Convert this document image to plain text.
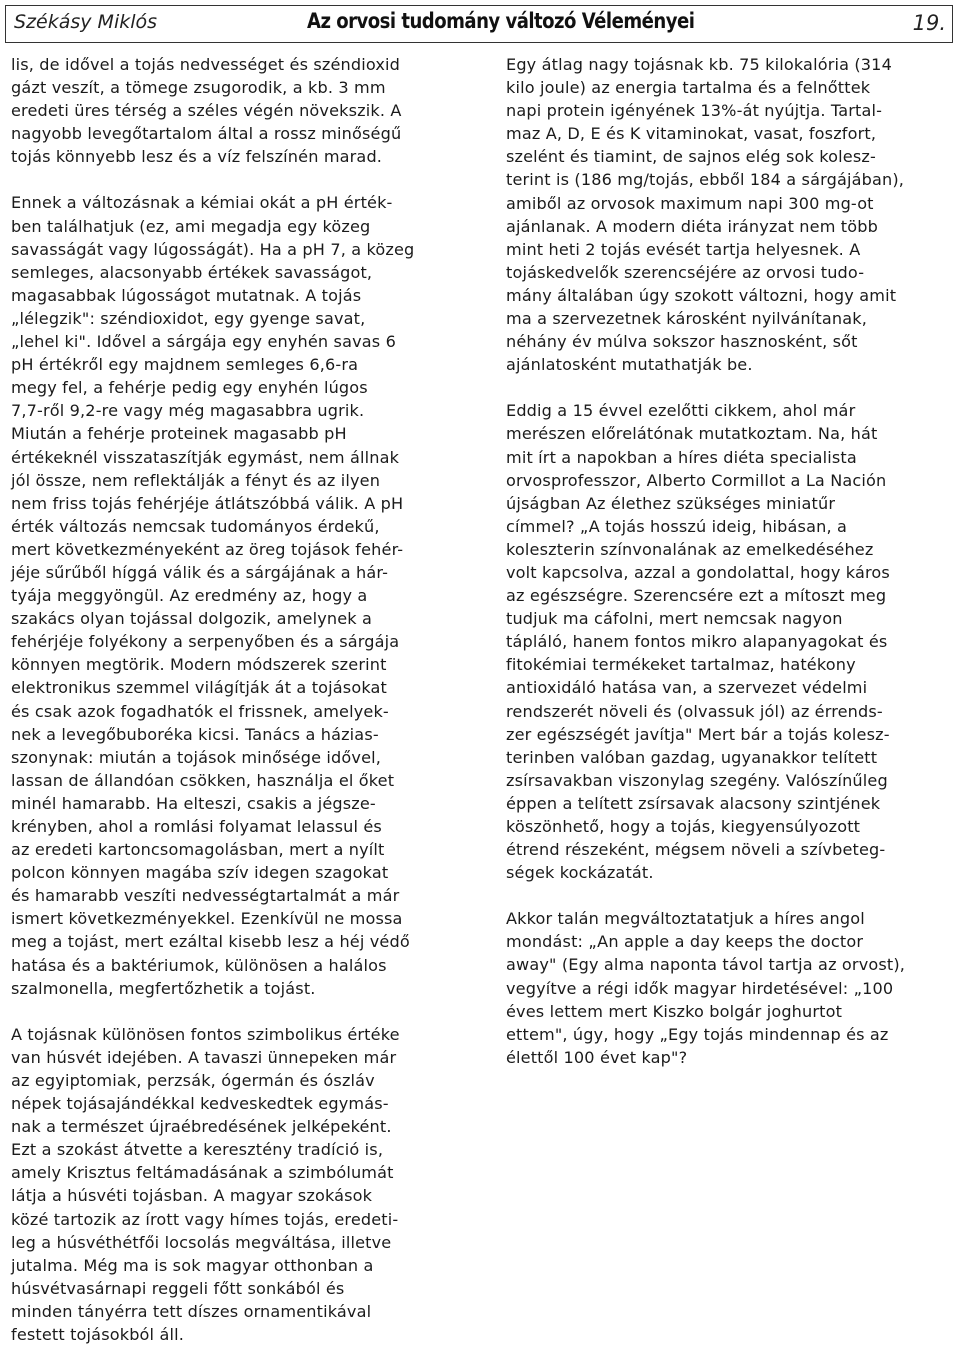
Székásy Miklós	Az orvosi tudomány változó Véleményei	19.
lis, de idővel a tojás nedvességet és széndioxid
gázt veszít, a tömege zsugorodik, a kb. 3 mm
eredeti üres térség a széles végén növekszik. A
nagyobb levegőtartalom által a rossz minőségű
tojás könnyebb lesz és a víz felszínén marad.
Ennek a változásnak a kémiai okát a pH érték-
ben találhatjuk (ez, ami megadja egy közeg
savasságát vagy lúgosságát). Ha a pH 7, a közeg
semleges, alacsonyabb értékek savasságot,
magasabbak lúgosságot mutatnak. A tojás
„lélegzik": széndioxidot, egy gyenge savat,
„lehel ki". Idővel a sárgája egy enyhén savas 6
pH értékről egy majdnem semleges 6,6-ra
megy fel, a fehérje pedig egy enyhén lúgos
7,7-ről 9,2-re vagy még magasabbra ugrik.
Miután a fehérje proteinek magasabb pH
értékeknél visszataszítják egymást, nem állnak
jól össze, nem reflektálják a fényt és az ilyen
nem friss tojás fehérjéje átlátszóbbá válik. A pH
érték változás nemcsak tudományos érdekű,
mert következményeként az öreg tojások fehér-
jéje sűrűből híggá válik és a sárgájának a hár-
tyája meggyöngül. Az eredmény az, hogy a
szakács olyan tojással dolgozik, amelynek a
fehérjéje folyékony a serpenyőben és a sárgája
könnyen megtörik. Modern módszerek szerint
elektronikus szemmel világítják át a tojásokat
és csak azok fogadhatók el frissnek, amelyek-
nek a levegőbuboréka kicsi. Tanács a házias-
szonynak: miután a tojások minősége idővel,
lassan de állandóan csökken, használja el őket
minél hamarabb. Ha elteszi, csakis a jégsze-
krényben, ahol a romlási folyamat lelassul és
az eredeti kartoncsomagolásban, mert a nyílt
polcon könnyen magába szív idegen szagokat
és hamarabb veszíti nedvességtartalmát a már
ismert következményekkel. Ezenkívül ne mossa
meg a tojást, mert ezáltal kisebb lesz a héj védő
hatása és a baktériumok, különösen a halálos
szalmonella, megfertőzhetik a tojást.
A tojásnak különösen fontos szimbolikus értéke
van húsvét idejében. A tavaszi ünnepeken már
az egyiptomiak, perzsák, ógermán és ószláv
népek tojásajándékkal kedveskedtek egymás-
nak a természet újraébredésének jelképeként.
Ezt a szokást átvette a keresztény tradíció is,
amely Krisztus feltámadásának a szimbólumát
látja a húsvéti tojásban. A magyar szokások
közé tartozik az írott vagy hímes tojás, eredeti-
leg a húsvéthétfői locsolás megváltása, illetve
jutalma. Még ma is sok magyar otthonban a
húsvétvasárnapi reggeli főtt sonkából és
minden tányérra tett díszes ornamentikával
festett tojásokból áll.
Egy átlag nagy tojásnak kb. 75 kilokalória (314
kilo joule) az energia tartalma és a felnőttek
napi protein igényének 13%-át nyújtja. Tartal-
maz A, D, E és K vitaminokat, vasat, foszfort,
szelént és tiamint, de sajnos elég sok kolesz-
terint is (186 mg/tojás, ebből 184 a sárgájában),
amiből az orvosok maximum napi 300 mg-ot
ajánlanak. A modern diéta irányzat nem több
mint heti 2 tojás evését tartja helyesnek. A
tojáskedvelők szerencséjére az orvosi tudo-
mány általában úgy szokott változni, hogy amit
ma a szervezetnek károsként nyilvánítanak,
néhány év múlva sokszor hasznosként, sőt
ajánlatosként mutathatják be.
Eddig a 15 évvel ezelőtti cikkem, ahol már
merészen előrelátónak mutatkoztam. Na, hát
mit írt a napokban a híres diéta specialista
orvosprofesszor, Alberto Cormillot a La Nación
újságban Az élethez szükséges miniatűr
címmel? „A tojás hosszú ideig, hibásan, a
koleszterin színvonalának az emelkedéséhez
volt kapcsolva, azzal a gondolattal, hogy káros
az egészségre. Szerencsére ezt a mítoszt meg
tudjuk ma cáfolni, mert nemcsak nagyon
tápláló, hanem fontos mikro alapanyagokat és
fitokémiai termékeket tartalmaz, hatékony
antioxidáló hatása van, a szervezet védelmi
rendszerét növeli és (olvassuk jól) az érrends-
zer egészségét javítja" Mert bár a tojás kolesz-
terinben valóban gazdag, ugyanakkor telített
zsírsavakban viszonylag szegény. Valószínűleg
éppen a telített zsírsavak alacsony szintjének
köszönhető, hogy a tojás, kiegyensúlyozott
étrend részeként, mégsem növeli a szívbeteg-
ségek kockázatát.
Akkor talán megváltoztatatjuk a híres angol
mondást: „An apple a day keeps the doctor
away" (Egy alma naponta távol tartja az orvost),
vegyítve a régi idők magyar hirdetésével: „100
éves lettem mert Kiszko bolgár joghurtot
ettem", úgy, hogy „Egy tojás mindennap és az
élettől 100 évet kap"?
